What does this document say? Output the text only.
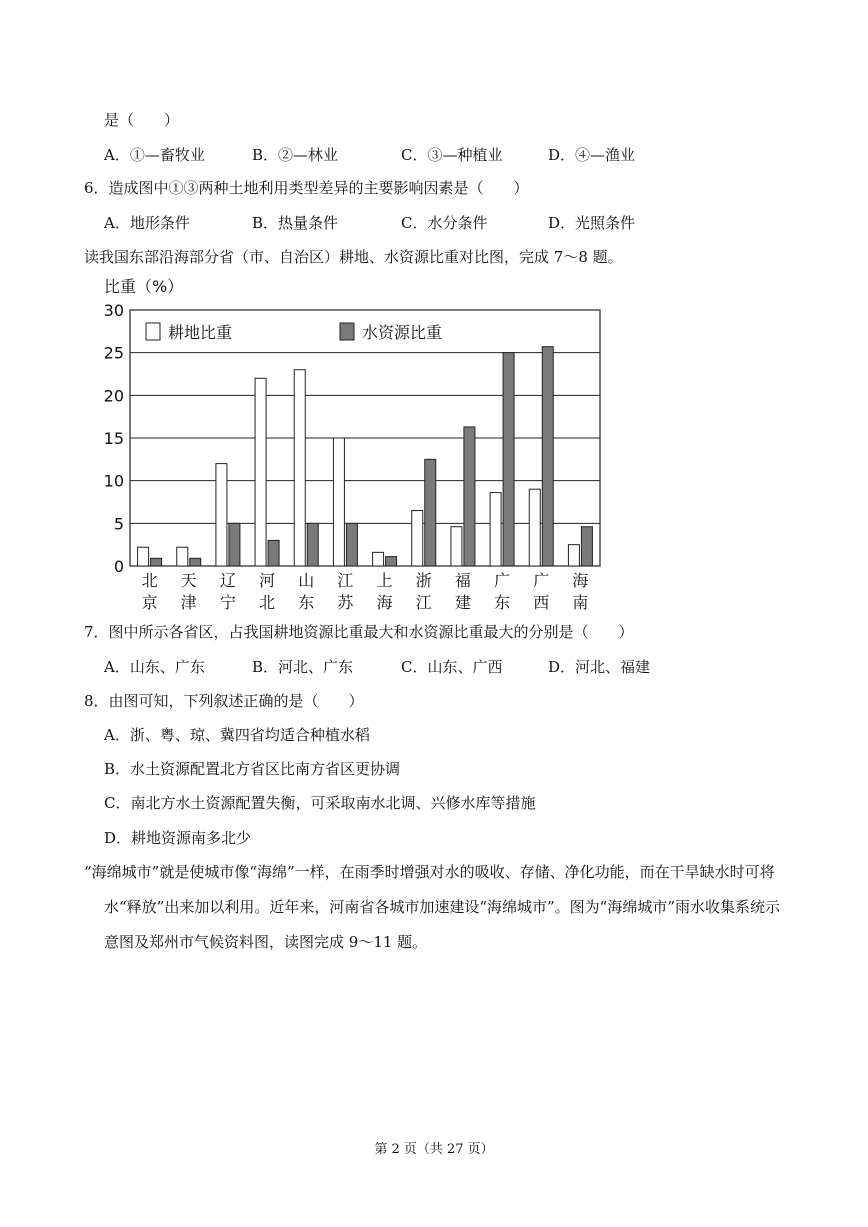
是（　　）
A．①—畜牧业	B．②—林业	C．③—种植业	D．④—渔业
6．造成图中①③两种土地利用类型差异的主要影响因素是（　　）
A．地形条件	B．热量条件	C．水分条件	D．光照条件
读我国东部沿海部分省（市、自治区）耕地、水资源比重对比图，完成 7～8 题。
比重（%）
0
5
10
15
20
25
30
北
京
天
津
辽
宁
河
北
山
东
江
苏
上
海
浙
江
福
建
广
东
广
西
海
南
耕地比重	水资源比重
7．图中所示各省区，占我国耕地资源比重最大和水资源比重最大的分别是（　　）
A．山东、广东	B．河北、广东	C．山东、广西	D．河北、福建
8．由图可知，下列叙述正确的是（　　）
A．浙、粤、琼、冀四省均适合种植水稻
B．水土资源配置北方省区比南方省区更协调
C．南北方水土资源配置失衡，可采取南水北调、兴修水库等措施
D．耕地资源南多北少
“海绵城市”就是使城市像“海绵”一样，在雨季时增强对水的吸收、存储、净化功能，而在干旱缺水时可将
水“释放”出来加以利用。近年来，河南省各城市加速建设“海绵城市”。图为“海绵城市”雨水收集系统示
意图及郑州市气候资料图，读图完成 9～11 题。
第 2 页（共 27 页）
